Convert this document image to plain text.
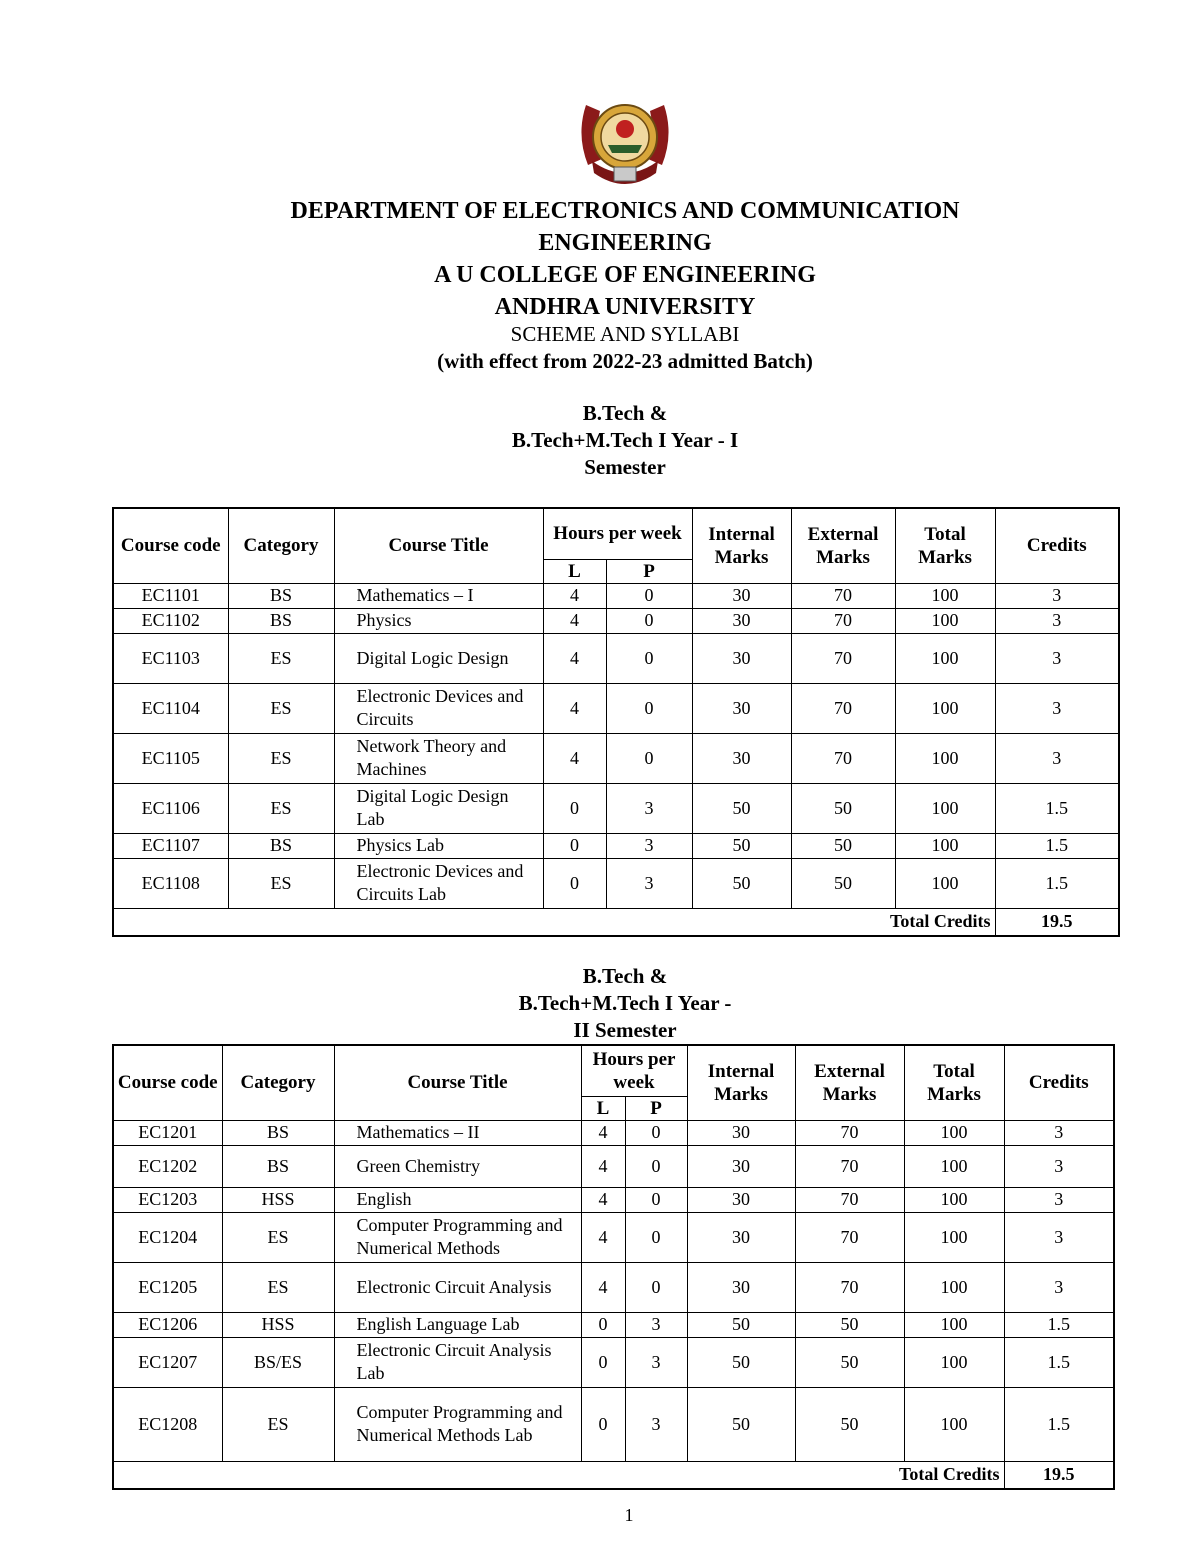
DEPARTMENT OF ELECTRONICS AND COMMUNICATION
ENGINEERING
A U COLLEGE OF ENGINEERING
ANDHRA UNIVERSITY
SCHEME AND SYLLABI
(with effect from 2022-23 admitted Batch)
B.Tech &
B.Tech+M.Tech I Year - I
Semester
Course code	Category	Course Title	Hours per week		Internal Marks	External Marks	Total Marks	Credits
			L	P				
EC1101	BS	Mathematics – I	4	0	30	70	100	3
EC1102	BS	Physics	4	0	30	70	100	3
EC1103	ES	Digital Logic Design	4	0	30	70	100	3
EC1104	ES	Electronic Devices and Circuits	4	0	30	70	100	3
EC1105	ES	Network Theory and Machines	4	0	30	70	100	3
EC1106	ES	Digital Logic Design Lab	0	3	50	50	100	1.5
EC1107	BS	Physics Lab	0	3	50	50	100	1.5
EC1108	ES	Electronic Devices and Circuits Lab	0	3	50	50	100	1.5
Total Credits								19.5
B.Tech &
B.Tech+M.Tech I Year -
II Semester
Course code	Category	Course Title	Hours per week		Internal Marks	External Marks	Total Marks	Credits
			L	P				
EC1201	BS	Mathematics – II	4	0	30	70	100	3
EC1202	BS	Green Chemistry	4	0	30	70	100	3
EC1203	HSS	English	4	0	30	70	100	3
EC1204	ES	Computer Programming and Numerical Methods	4	0	30	70	100	3
EC1205	ES	Electronic Circuit Analysis	4	0	30	70	100	3
EC1206	HSS	English Language Lab	0	3	50	50	100	1.5
EC1207	BS/ES	Electronic Circuit Analysis Lab	0	3	50	50	100	1.5
EC1208	ES	Computer Programming and Numerical Methods Lab	0	3	50	50	100	1.5
Total Credits								19.5
1
